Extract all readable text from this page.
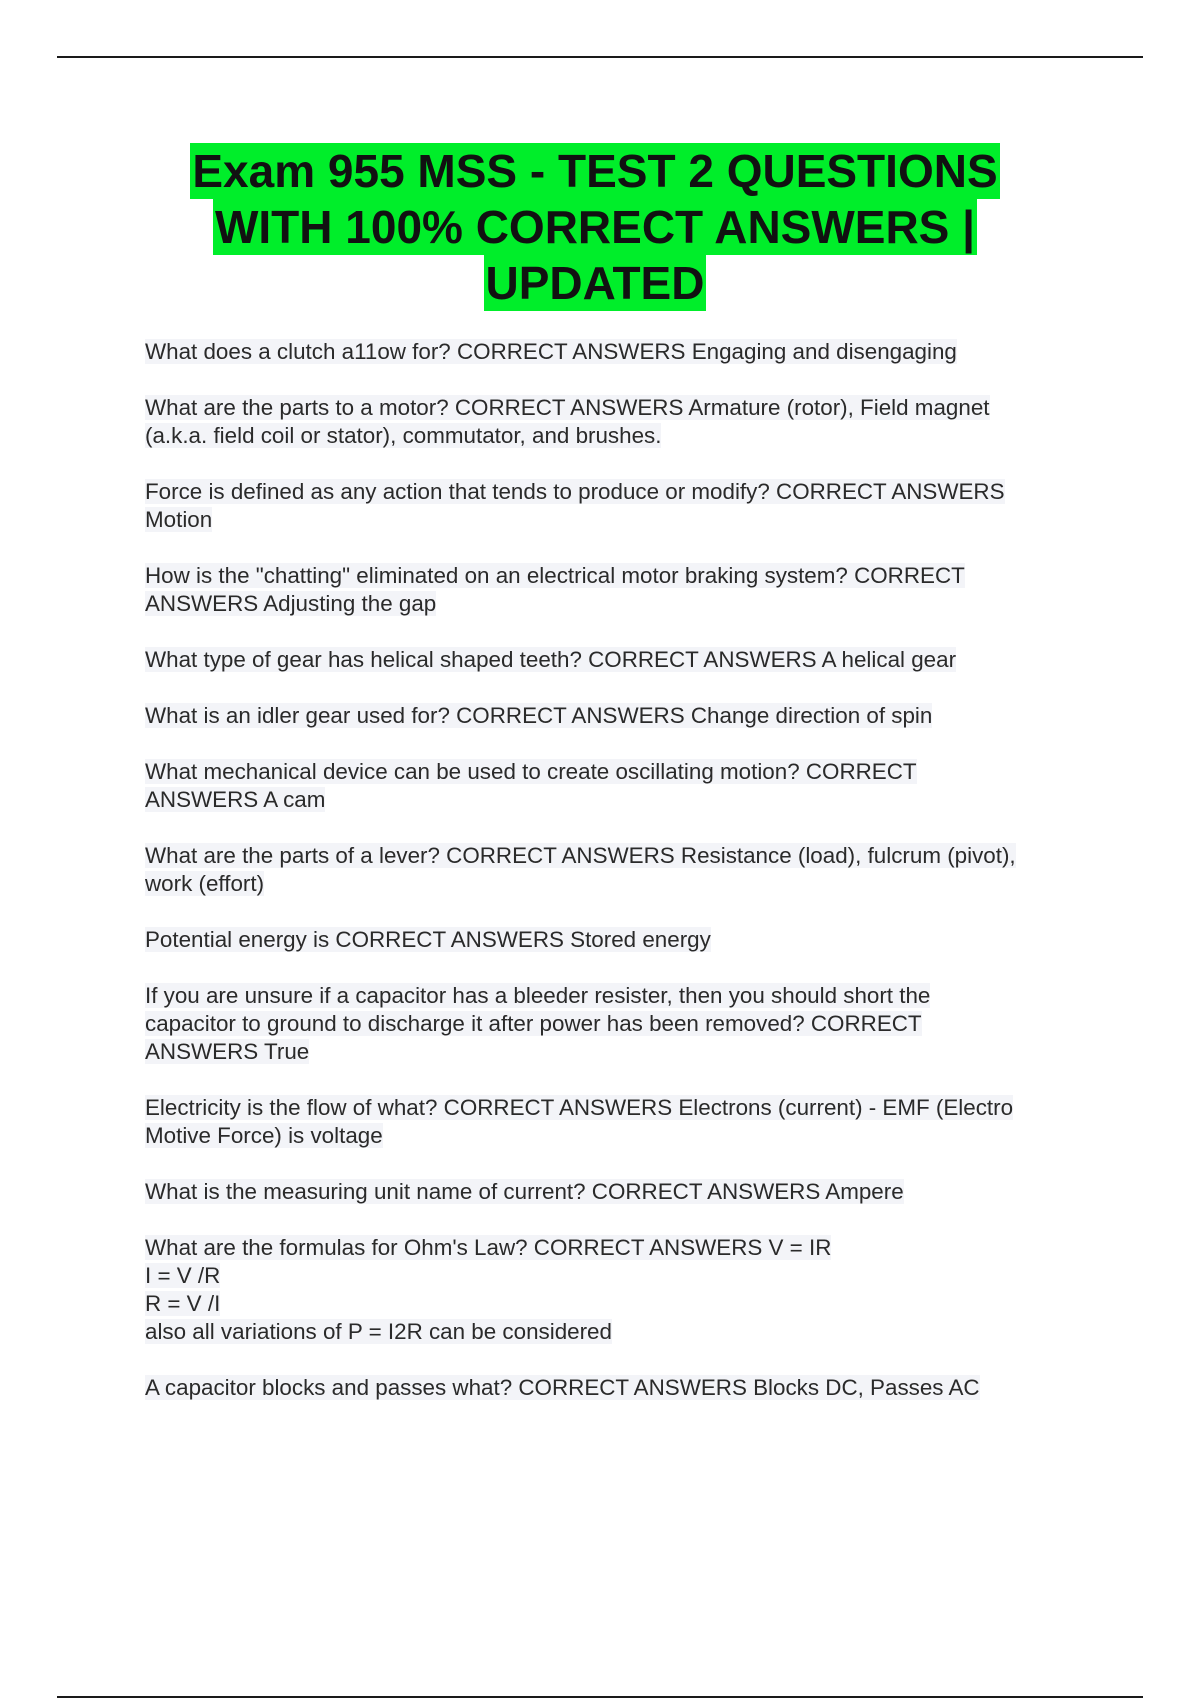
Exam 955 MSS - TEST 2 QUESTIONS
WITH 100% CORRECT ANSWERS |
UPDATED

What does a clutch a11ow for? CORRECT ANSWERS Engaging and disengaging

What are the parts to a motor? CORRECT ANSWERS Armature (rotor), Field magnet
(a.k.a. field coil or stator), commutator, and brushes.

Force is defined as any action that tends to produce or modify? CORRECT ANSWERS
Motion

How is the "chatting" eliminated on an electrical motor braking system? CORRECT
ANSWERS Adjusting the gap

What type of gear has helical shaped teeth? CORRECT ANSWERS A helical gear

What is an idler gear used for? CORRECT ANSWERS Change direction of spin

What mechanical device can be used to create oscillating motion? CORRECT
ANSWERS A cam

What are the parts of a lever? CORRECT ANSWERS Resistance (load), fulcrum (pivot),
work (effort)

Potential energy is CORRECT ANSWERS Stored energy

If you are unsure if a capacitor has a bleeder resister, then you should short the
capacitor to ground to discharge it after power has been removed? CORRECT
ANSWERS True

Electricity is the flow of what? CORRECT ANSWERS Electrons (current) - EMF (Electro
Motive Force) is voltage

What is the measuring unit name of current? CORRECT ANSWERS Ampere

What are the formulas for Ohm's Law? CORRECT ANSWERS V = IR
I = V /R
R = V /I
also all variations of P = I2R can be considered

A capacitor blocks and passes what? CORRECT ANSWERS Blocks DC, Passes AC
